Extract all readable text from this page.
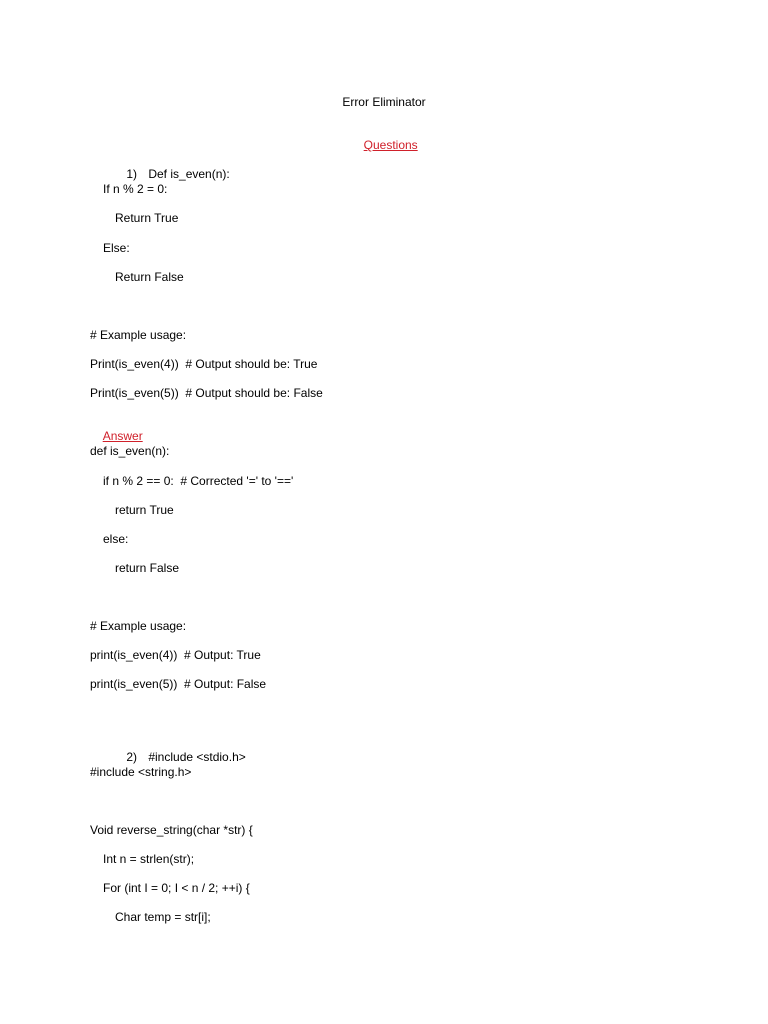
Error Eliminator

Questions

1) Def is_even(n):

If n % 2 = 0:
Return True
Else:
Return False
# Example usage:
Print(is_even(4))  # Output should be: True
Print(is_even(5))  # Output should be: False

Answer

def is_even(n):
if n % 2 == 0:  # Corrected '=' to '=='
return True
else:
return False
# Example usage:
print(is_even(4))  # Output: True
print(is_even(5))  # Output: False

2) #include <stdio.h>

#include <string.h>
Void reverse_string(char *str) {
Int n = strlen(str);
For (int I = 0; I < n / 2; ++i) {
Char temp = str[i];
